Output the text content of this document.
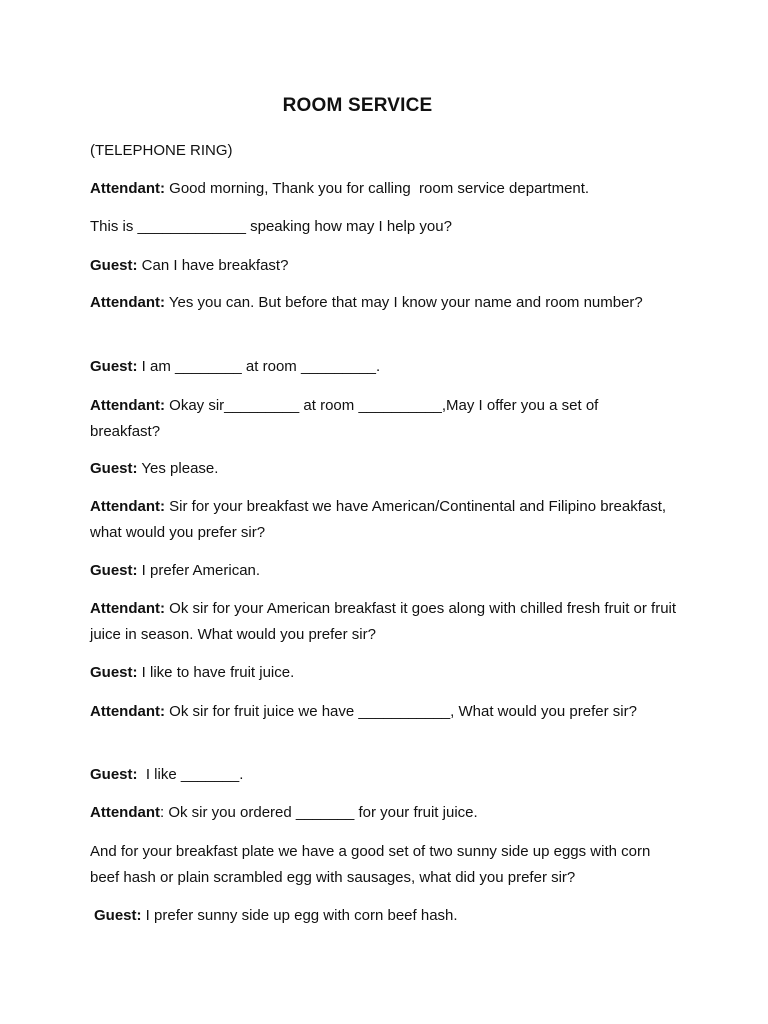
ROOM SERVICE
(TELEPHONE RING)
Attendant: Good morning, Thank you for calling  room service department.
This is _____________ speaking how may I help you?
Guest: Can I have breakfast?
Attendant: Yes you can. But before that may I know your name and room number?
Guest: I am ________ at room _________.
Attendant: Okay sir_________ at room __________,May I offer you a set of breakfast?
Guest: Yes please.
Attendant: Sir for your breakfast we have American/Continental and Filipino breakfast, what would you prefer sir?
Guest: I prefer American.
Attendant: Ok sir for your American breakfast it goes along with chilled fresh fruit or fruit juice in season. What would you prefer sir?
Guest: I like to have fruit juice.
Attendant: Ok sir for fruit juice we have ___________, What would you prefer sir?
Guest:  I like _______.
Attendant: Ok sir you ordered _______ for your fruit juice.
And for your breakfast plate we have a good set of two sunny side up eggs with corn beef hash or plain scrambled egg with sausages, what did you prefer sir?
Guest: I prefer sunny side up egg with corn beef hash.
